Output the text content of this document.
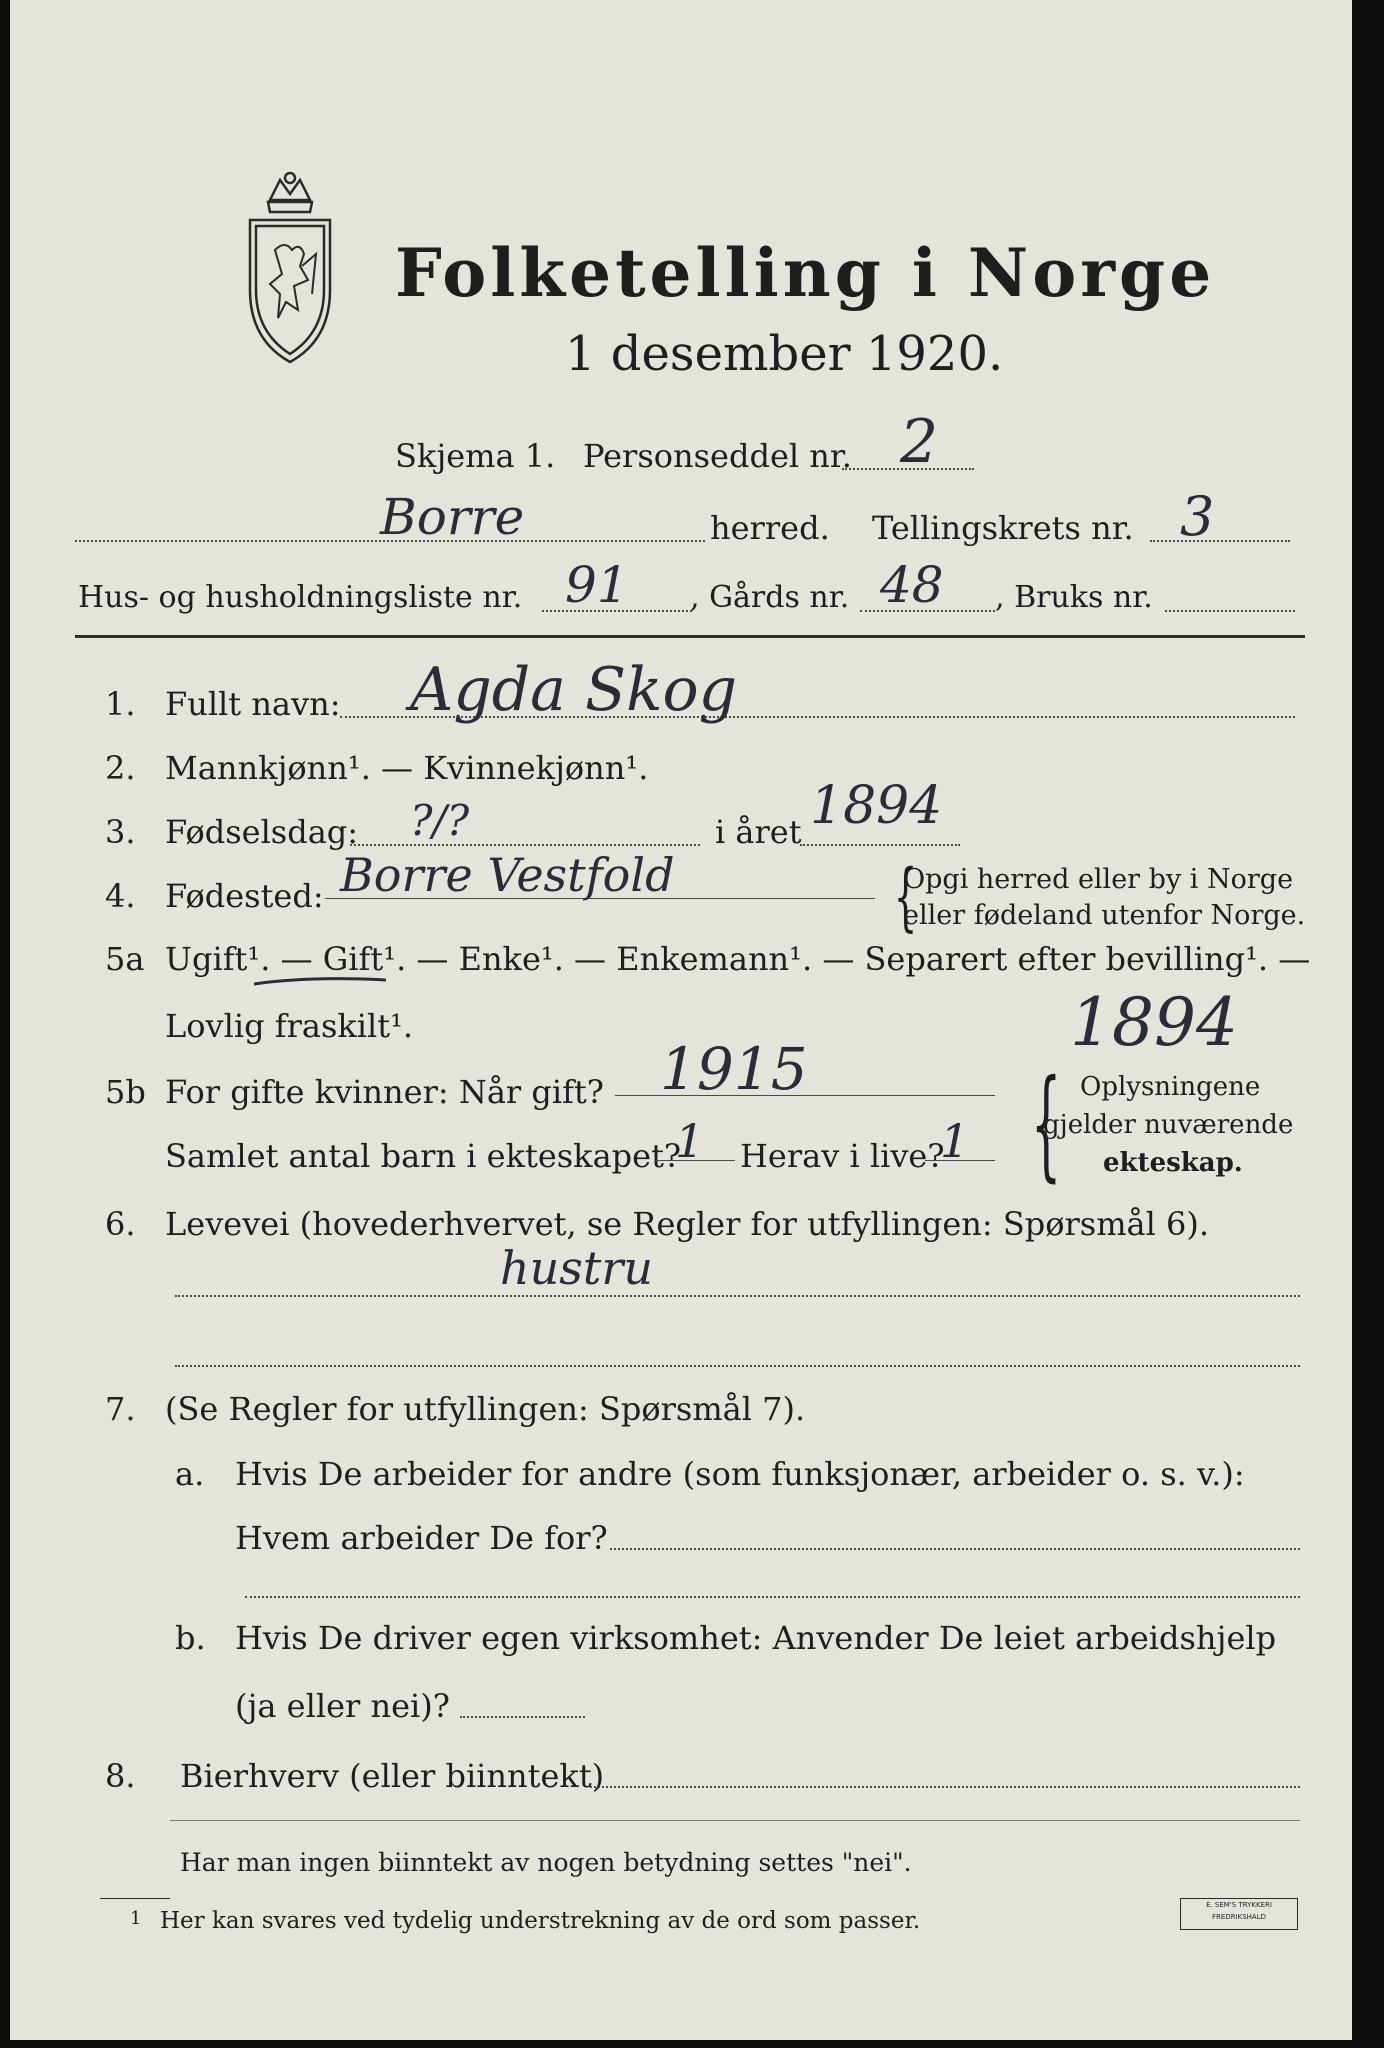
Folketelling i Norge
1 desember 1920.
Skjema 1. Personseddel nr. 2
Borre	herred. Tellingskrets nr. 3
Hus- og husholdningsliste nr. 91 , Gårds nr. 48 , Bruks nr.
1. Fullt navn: Agda Skog
2. Mannkjønn¹. — Kvinnekjønn¹.
3. Fødselsdag: ?/?	i året 1894
4. Fødested: Borre Vestfold	{
Opgi herred eller by i Norge
eller fødeland utenfor Norge.
5a Ugift¹. — Gift¹. — Enke¹. — Enkemann¹. — Separert efter bevilling¹. —
Lovlig fraskilt¹.	1894
5b For gifte kvinner: Når gift? 1915
Samlet antal barn i ekteskapet?
1 Herav i live?
1 { Oplysningene
gjelder nuværende
ekteskap.
6. Levevei (hovederhvervet, se Regler for utfyllingen: Spørsmål 6).
hustru
7. (Se Regler for utfyllingen: Spørsmål 7).
a. Hvis De arbeider for andre (som funksjonær, arbeider o. s. v.):
Hvem arbeider De for?
b. Hvis De driver egen virksomhet: Anvender De leiet arbeidshjelp
(ja eller nei)?
8. Bierhverv (eller biinntekt)
Har man ingen biinntekt av nogen betydning settes "nei".
1 Her kan svares ved tydelig understrekning av de ord som passer.
E. SEM'S TRYKKERI FREDRIKSHALD
